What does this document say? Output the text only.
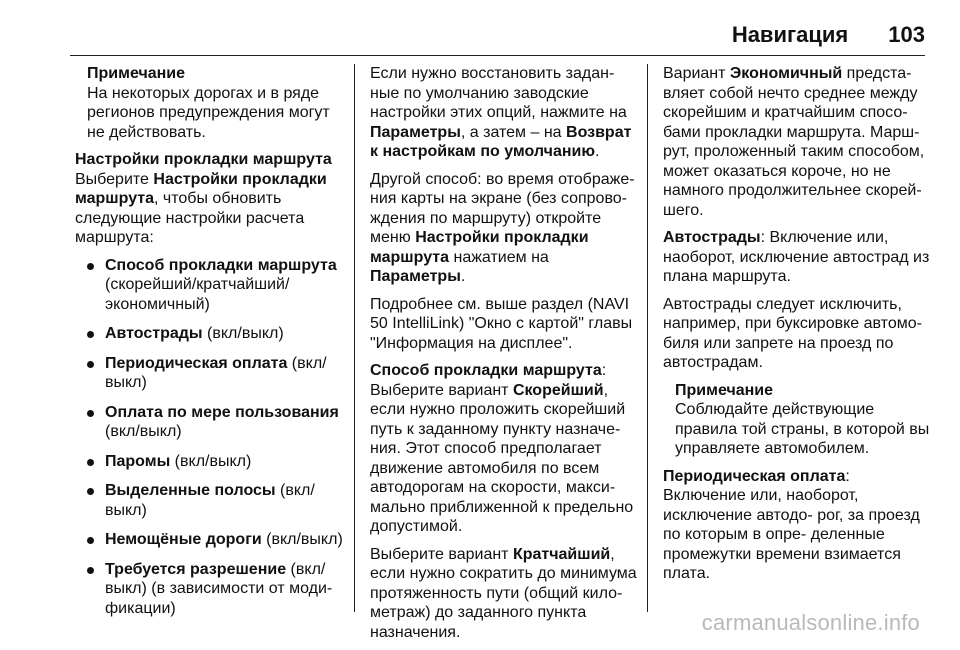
Навигация 103
Примечание
На некоторых дорогах и в ряде регионов предупреждения могут не действовать.

Настройки прокладки маршрута

Выберите Настройки прокладки маршрута, чтобы обновить следующие настройки расчета маршрута:

Способ прокладки маршрута (скорейший/кратчайший/ экономичный)
Автострады (вкл/выкл)
Периодическая оплата (вкл/ выкл)
Оплата по мере пользования (вкл/выкл)
Паромы (вкл/выкл)
Выделенные полосы (вкл/ выкл)
Немощёные дороги (вкл/выкл)
Требуется разрешение (вкл/ выкл) (в зависимости от моди- фикации)

Если нужно восстановить задан- ные по умолчанию заводские настройки этих опций, нажмите на Параметры, а затем – на Возврат к настройкам по умолчанию.

Другой способ: во время отображе- ния карты на экране (без сопрово- ждения по маршруту) откройте меню Настройки прокладки маршрута нажатием на Параметры.

Подробнее см. выше раздел (NAVI 50 IntelliLink) "Окно с картой" главы "Информация на дисплее".

Способ прокладки маршрута:

Выберите вариант Скорейший, если нужно проложить скорейший путь к заданному пункту назначе- ния. Этот способ предполагает движение автомобиля по всем автодорогам на скорости, макси- мально приближенной к предельно допустимой.

Выберите вариант Кратчайший, если нужно сократить до минимума протяженность пути (общий кило- метраж) до заданного пункта назначения.

Вариант Экономичный предста- вляет собой нечто среднее между скорейшим и кратчайшим спосо- бами прокладки маршрута. Марш- рут, проложенный таким способом, может оказаться короче, но не намного продолжительнее скорей- шего.

Автострады: Включение или, наоборот, исключение автострад из плана маршрута.

Автострады следует исключить, например, при буксировке автомо- биля или запрете на проезд по автострадам.

Примечание
Соблюдайте действующие правила той страны, в которой вы управляете автомобилем.

Периодическая оплата: Включение или, наоборот, исключение автодо- рог, за проезд по которым в опре- деленные промежутки времени взимается плата.

carmanualsonline.info
